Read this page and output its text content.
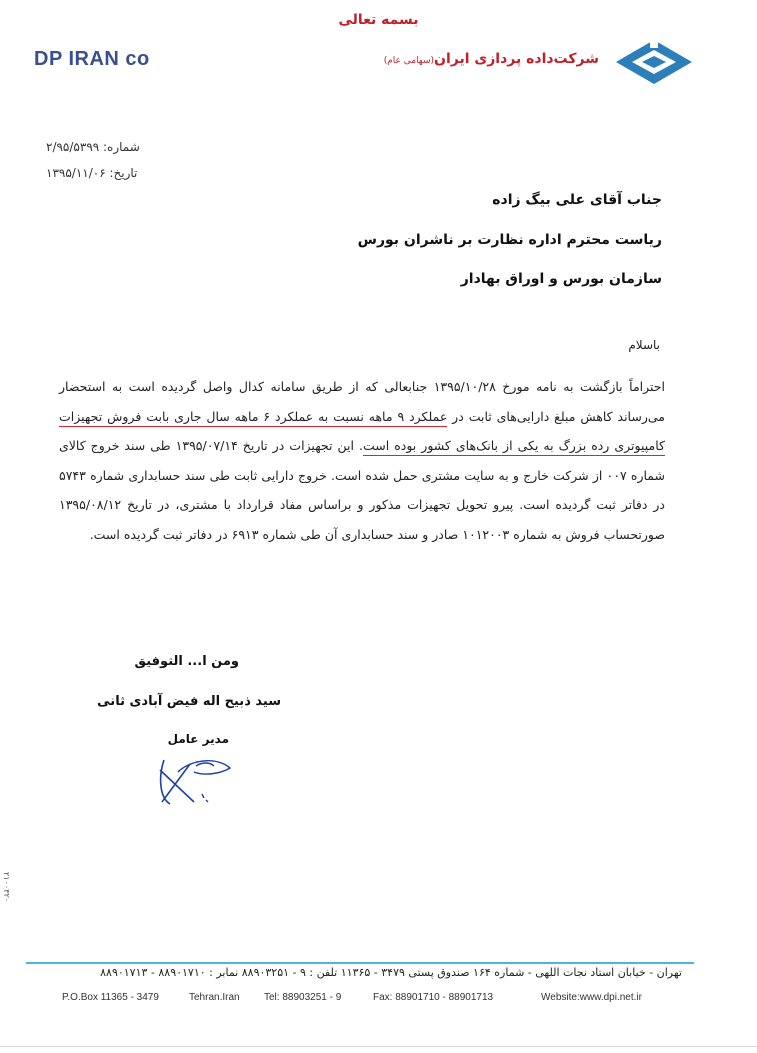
بسمه تعالی
DP IRAN co	شرکت‌داده‌ پردازی ایران(سهامی عام)
شماره: ۲/۹۵/۵۳۹۹
تاریخ: ۱۳۹۵/۱۱/۰۶
جناب آقای علی بیگ زاده
ریاست محترم اداره نظارت بر ناشران بورس
سازمان بورس و اوراق بهادار
باسلام
احتراماً بازگشت به نامه مورخ ۱۳۹۵/۱۰/۲۸ جنابعالی که از طریق سامانه کدال واصل گردیده است به استحضار می‌رساند کاهش مبلغ دارایی‌های ثابت در عملکرد ۹ ماهه نسبت به عملکرد ۶ ماهه سال جاری بابت فروش تجهیزات کامپیوتری رده بزرگ به یکی از بانک‌های کشور بوده است. این تجهیزات در تاریخ ۱۳۹۵/۰۷/۱۴ طی سند خروج کالای شماره ۰۰۷ از شرکت خارج و به سایت مشتری حمل شده است. خروج دارایی ثابت طی سند حسابداری شماره ۵۷۴۳ در دفاتر ثبت گردیده است. پیرو تحویل تجهیزات مذکور و براساس مفاد قرارداد با مشتری، در تاریخ ۱۳۹۵/۰۸/۱۲ صورتحساب فروش به شماره ۱۰۱۲۰۰۳ صادر و سند حسابداری آن طی شماره ۶۹۱۳ در دفاتر ثبت گردیده است.
ومن ا... التوفیق
سید ذبیح اله فیض آبادی ثانی
مدیر عامل
۲۱۰۰۳۲۰
تهران - خیابان استاد نجات اللهی - شماره ۱۶۴ صندوق پستی ۳۴۷۹ - ۱۱۳۶۵ تلفن : ۹ - ۸۸۹۰۳۲۵۱ نمابر : ۸۸۹۰۱۷۱۰ - ۸۸۹۰۱۷۱۳
P.O.Box 11365 - 3479	Tehran.Iran Tel: 88903251 - 9	Fax: 88901710 - 88901713	Website:www.dpi.net.ir
